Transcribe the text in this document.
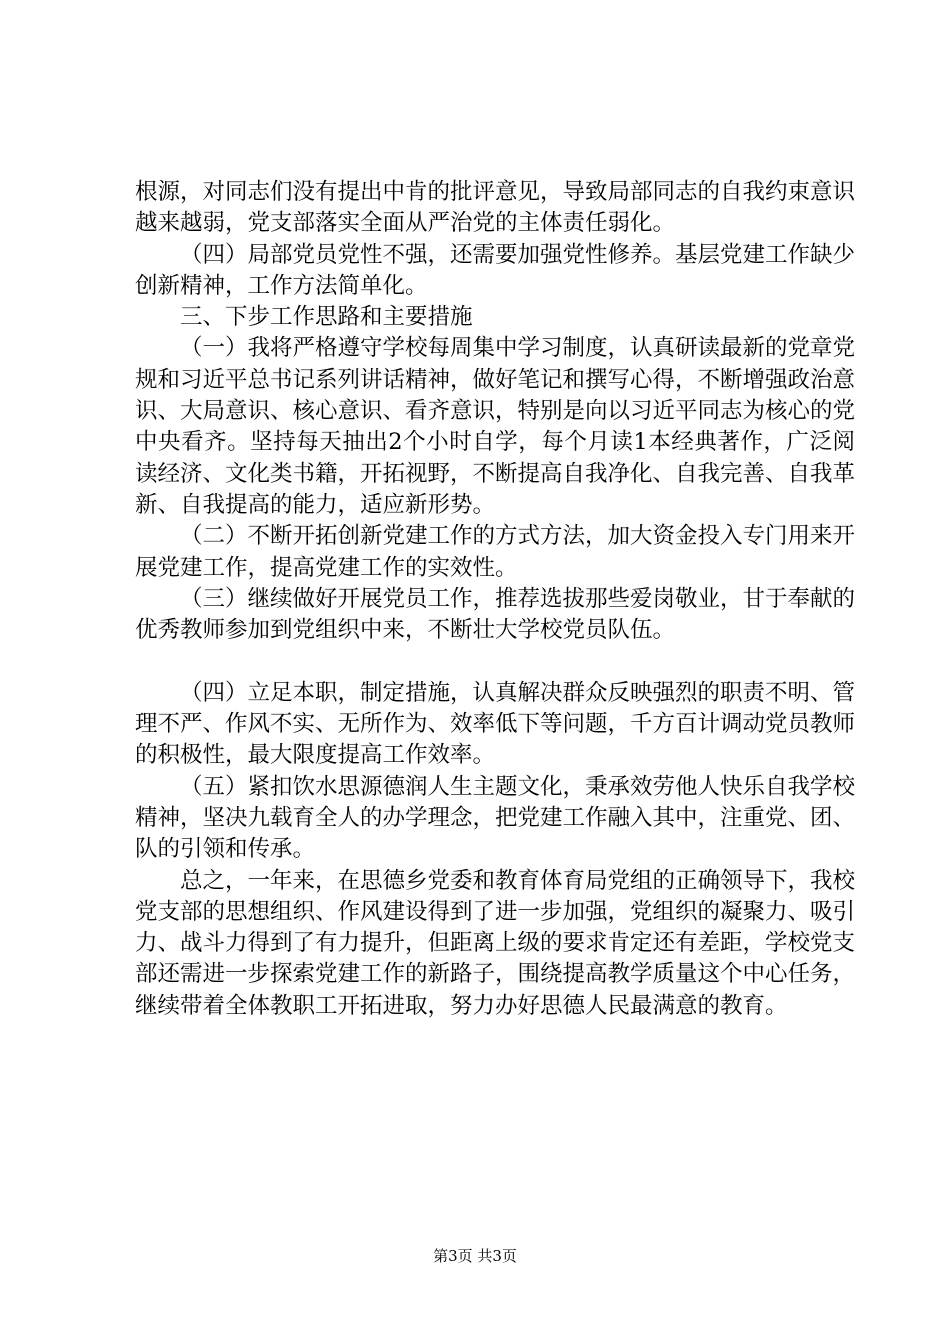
根源，对同志们没有提出中肯的批评意见，导致局部同志的自我约束意识越来越弱，党支部落实全面从严治党的主体责任弱化。

（四）局部党员党性不强，还需要加强党性修养。基层党建工作缺少创新精神，工作方法简单化。

三、下步工作思路和主要措施

（一）我将严格遵守学校每周集中学习制度，认真研读最新的党章党规和习近平总书记系列讲话精神，做好笔记和撰写心得，不断增强政治意识、大局意识、核心意识、看齐意识，特别是向以习近平同志为核心的党中央看齐。坚持每天抽出2个小时自学，每个月读1本经典著作，广泛阅读经济、文化类书籍，开拓视野，不断提高自我净化、自我完善、自我革新、自我提高的能力，适应新形势。

（二）不断开拓创新党建工作的方式方法，加大资金投入专门用来开展党建工作，提高党建工作的实效性。

（三）继续做好开展党员工作，推荐选拔那些爱岗敬业，甘于奉献的优秀教师参加到党组织中来，不断壮大学校党员队伍。

（四）立足本职，制定措施，认真解决群众反映强烈的职责不明、管理不严、作风不实、无所作为、效率低下等问题，千方百计调动党员教师的积极性，最大限度提高工作效率。

（五）紧扣饮水思源德润人生主题文化，秉承效劳他人快乐自我学校精神，坚决九载育全人的办学理念，把党建工作融入其中，注重党、团、队的引领和传承。

总之，一年来，在思德乡党委和教育体育局党组的正确领导下，我校党支部的思想组织、作风建设得到了进一步加强，党组织的凝聚力、吸引力、战斗力得到了有力提升，但距离上级的要求肯定还有差距，学校党支部还需进一步探索党建工作的新路子，围绕提高教学质量这个中心任务，继续带着全体教职工开拓进取，努力办好思德人民最满意的教育。

第3页 共3页
